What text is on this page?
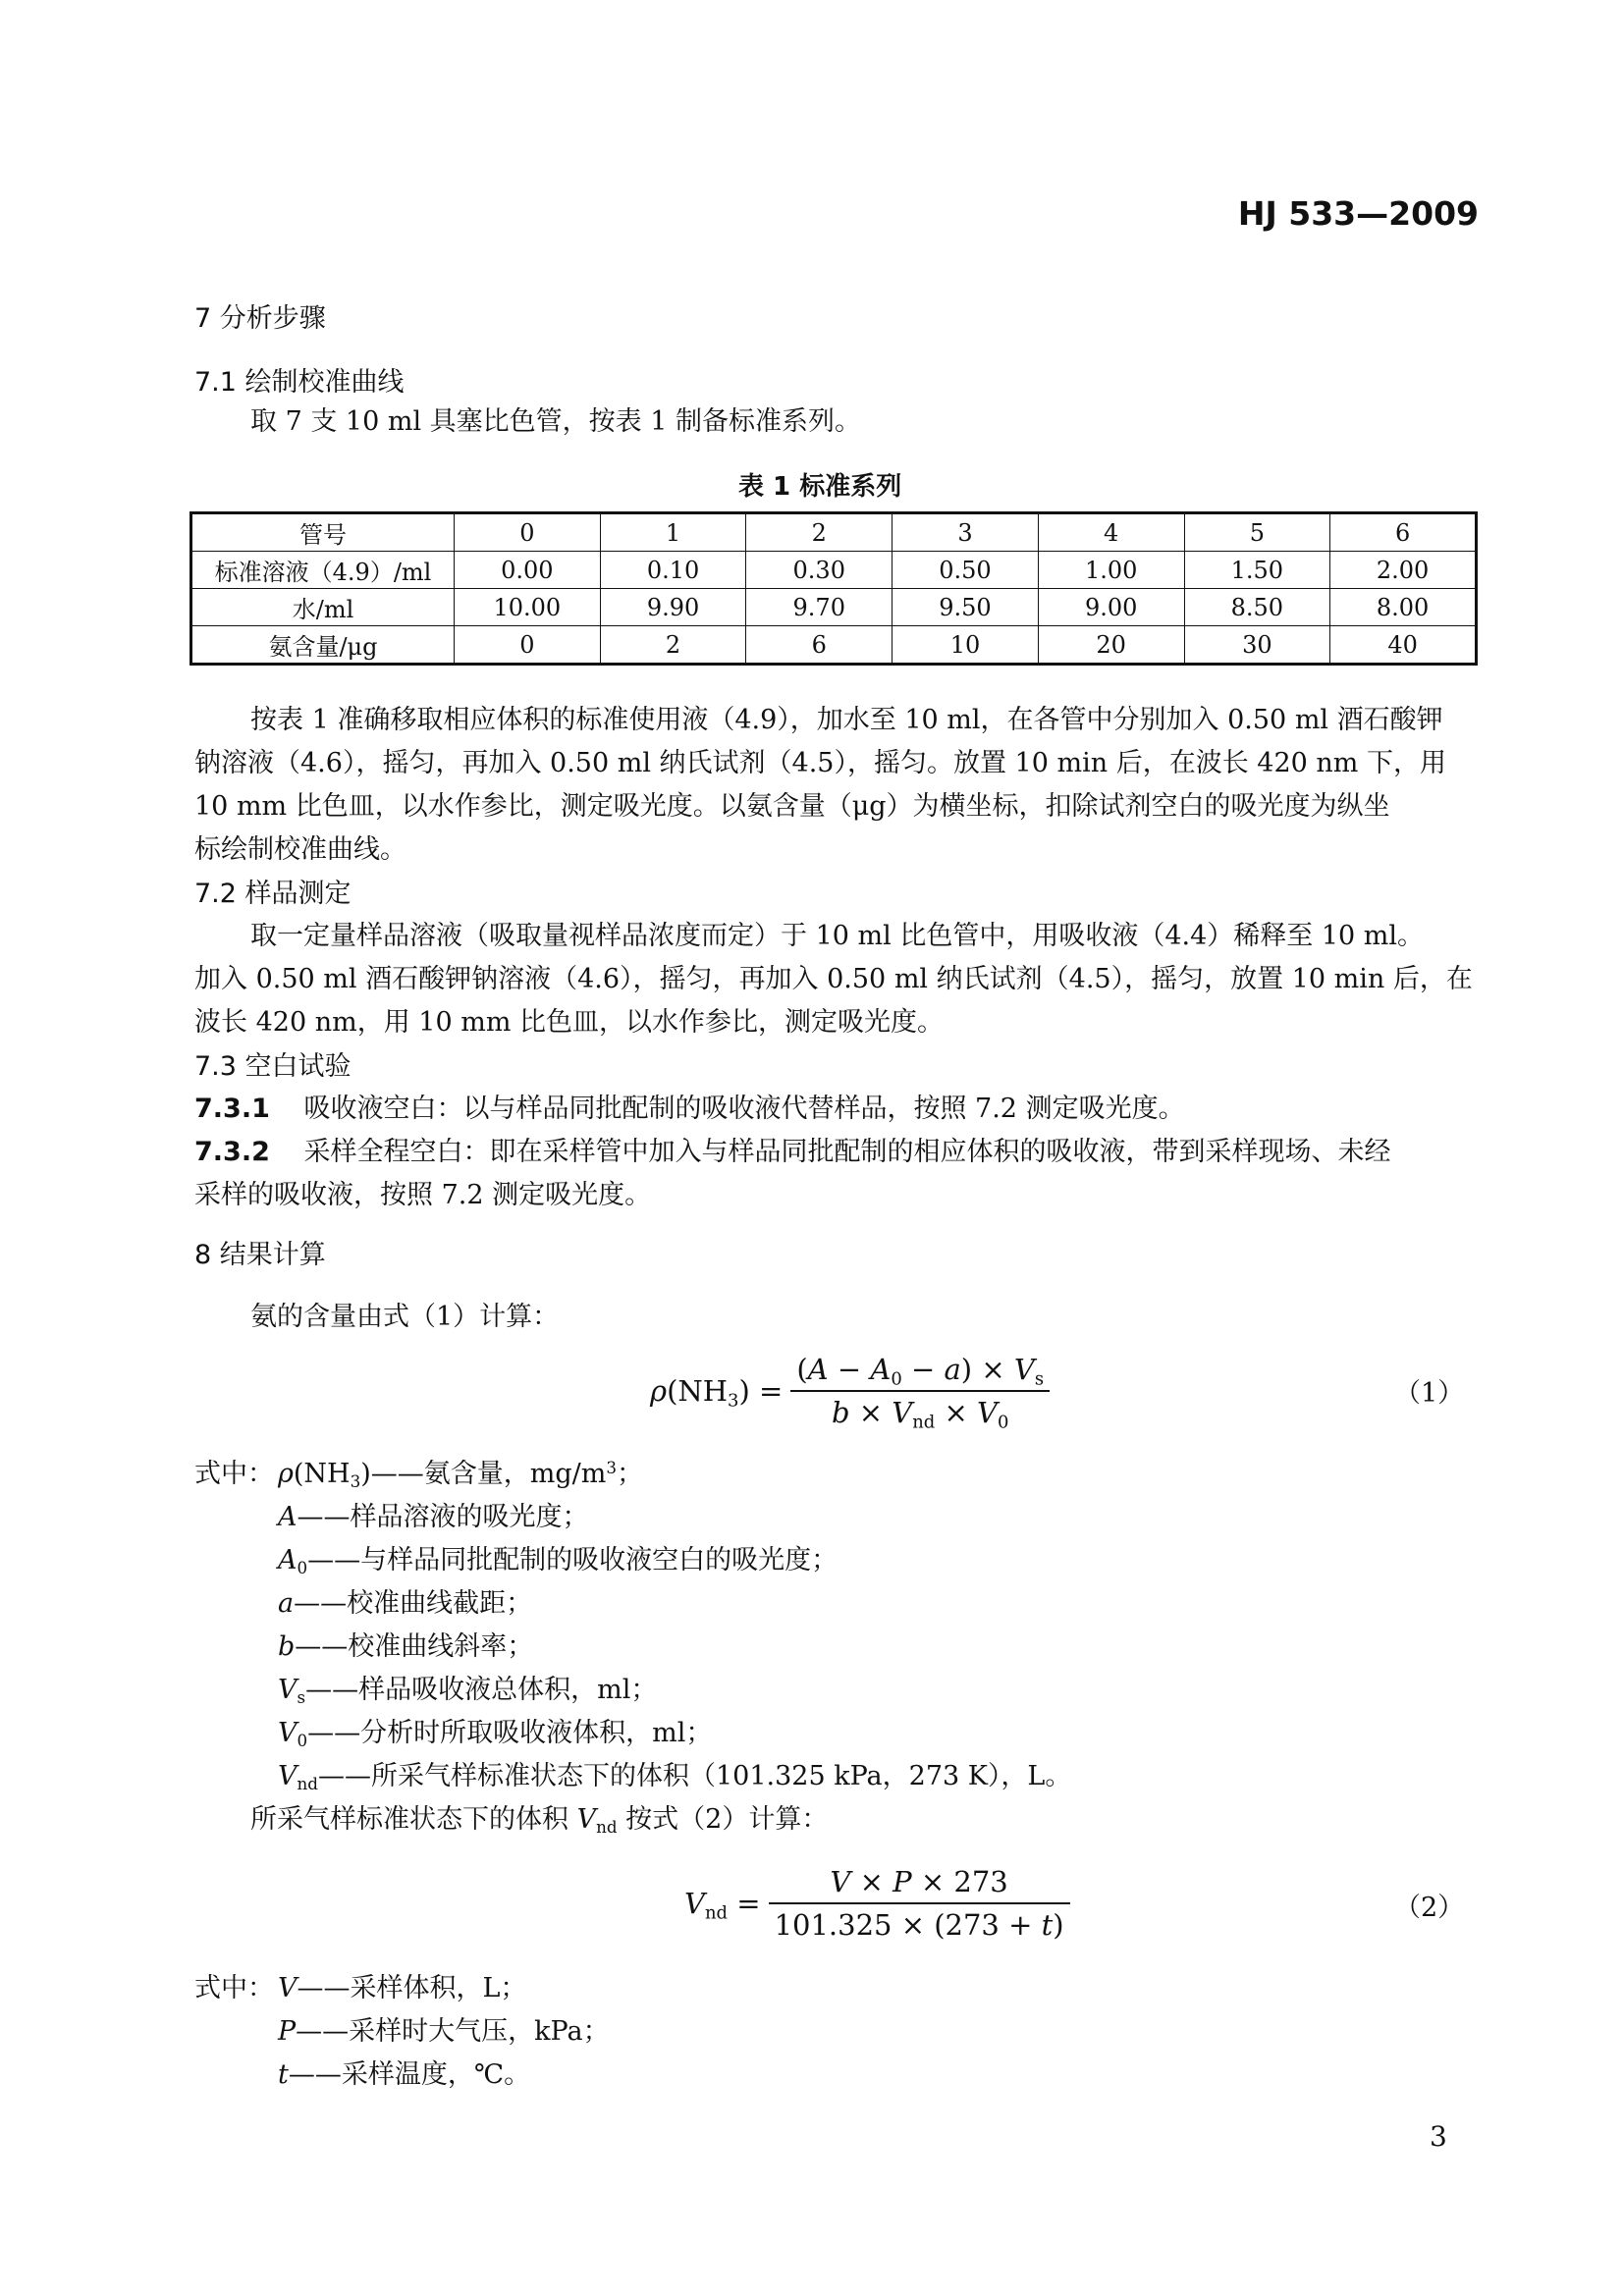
HJ 533—2009
7 分析步骤
7.1 绘制校准曲线
取 7 支 10 ml 具塞比色管，按表 1 制备标准系列。
表 1 标准系列
管号	0	1	2	3	4	5	6
标准溶液（4.9）/ml	0.00	0.10	0.30	0.50	1.00	1.50	2.00
水/ml	10.00	9.90	9.70	9.50	9.00	8.50	8.00
氨含量/μg	0	2	6	10	20	30	40
按表 1 准确移取相应体积的标准使用液（4.9），加水至 10 ml，在各管中分别加入 0.50 ml 酒石酸钾
钠溶液（4.6），摇匀，再加入 0.50 ml 纳氏试剂（4.5），摇匀。放置 10 min 后，在波长 420 nm 下，用
10 mm 比色皿，以水作参比，测定吸光度。以氨含量（μg）为横坐标，扣除试剂空白的吸光度为纵坐
标绘制校准曲线。
7.2 样品测定
取一定量样品溶液（吸取量视样品浓度而定）于 10 ml 比色管中，用吸收液（4.4）稀释至 10 ml。
加入 0.50 ml 酒石酸钾钠溶液（4.6），摇匀，再加入 0.50 ml 纳氏试剂（4.5），摇匀，放置 10 min 后，在
波长 420 nm，用 10 mm 比色皿，以水作参比，测定吸光度。
7.3 空白试验
7.3.1 吸收液空白：以与样品同批配制的吸收液代替样品，按照 7.2 测定吸光度。
7.3.2 采样全程空白：即在采样管中加入与样品同批配制的相应体积的吸收液，带到采样现场、未经
采样的吸收液，按照 7.2 测定吸光度。
8 结果计算
氨的含量由式（1）计算：
$\rho(NH_3) = \frac{(A - A_0 - a) \times V_s}{b \times V_{nd} \times V_0}$	（1）
式中： $\rho(NH_3)——$氨含量，$mg/m^3$；
A——样品溶液的吸光度；
$A_0——$与样品同批配制的吸收液空白的吸光度；
a——校准曲线截距；
b——校准曲线斜率；
$V_s——$样品吸收液总体积，ml；
$V_0——$分析时所取吸收液体积，ml；
$V_{nd}——$所采气样标准状态下的体积（101.325 kPa，273 K），L。
所采气样标准状态下的体积 $V_{nd}$ 按式（2）计算：
$V_{nd} = \frac{V \times P \times 273}{101.325 \times (273 + t)}$	（2）
式中： V——采样体积，L；
P——采样时大气压，kPa；
t——采样温度，℃。
3
